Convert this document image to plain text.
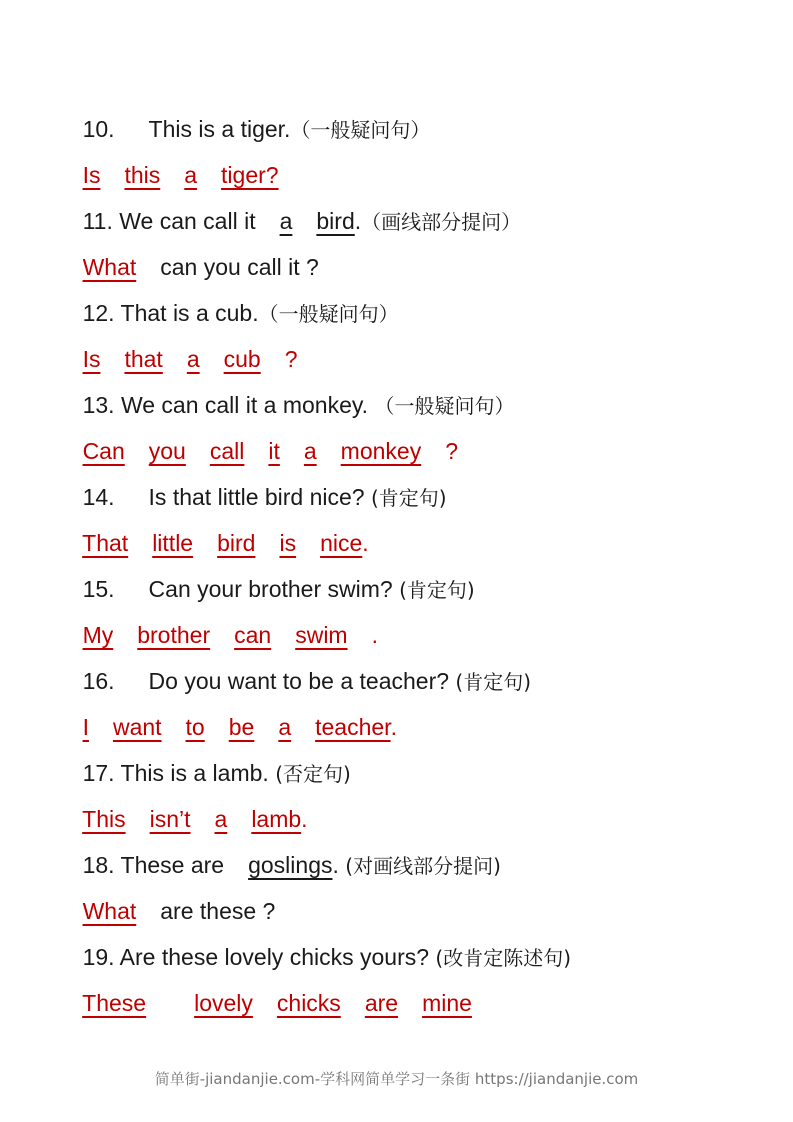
10. This is a tiger.（一般疑问句）

Is this a tiger?

11. We can call it a bird.（画线部分提问）

What can you call it ?

12. That is a cub.（一般疑问句）

Is that a cub ?

13. We can call it a monkey. （一般疑问句）

Can you call it a monkey ?

14. Is that little bird nice? (肯定句)

That little bird is nice.

15. Can your brother swim? (肯定句)

My brother can swim .

16. Do you want to be a teacher? (肯定句)

I want to be a teacher.

17. This is a lamb. (否定句)

This isn’t a lamb.

18. These are goslings. (对画线部分提问)

What are these ?

19. Are these lovely chicks yours? (改肯定陈述句)

These lovely chicks are mine

简单街-jiandanjie.com-学科网简单学习一条街 https://jiandanjie.com
